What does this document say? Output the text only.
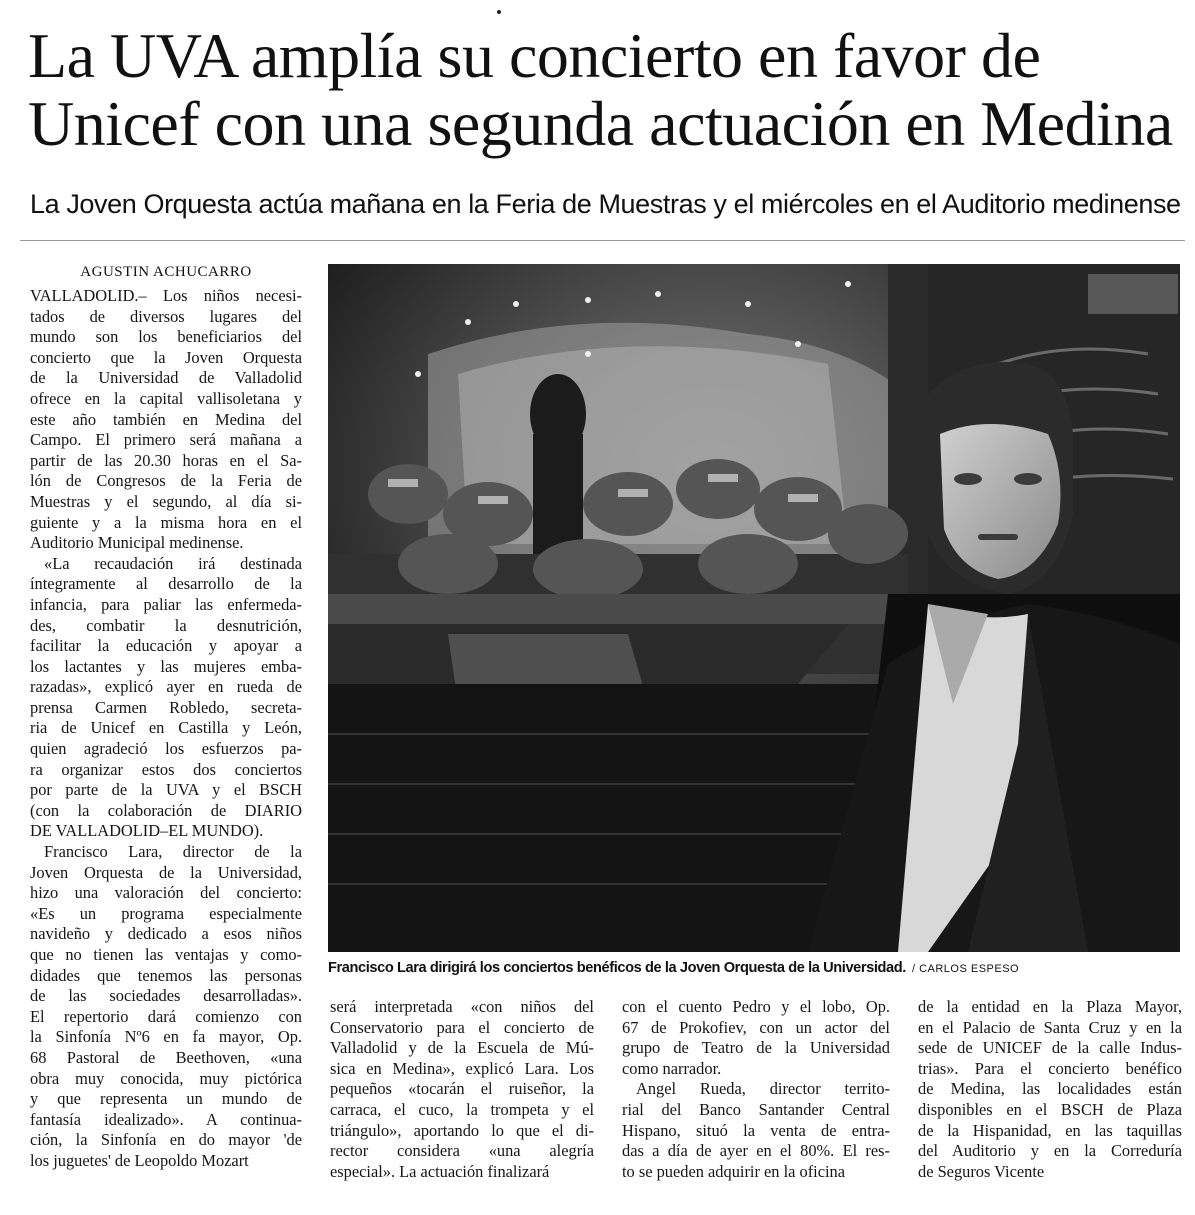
La UVA amplía su concierto en favor de
Unicef con una segunda actuación en Medina
La Joven Orquesta actúa mañana en la Feria de Muestras y el miércoles en el Auditorio medinense
AGUSTIN ACHUCARRO
VALLADOLID.– Los niños necesi-
tados de diversos lugares del
mundo son los beneficiarios del
concierto que la Joven Orquesta
de la Universidad de Valladolid
ofrece en la capital vallisoletana y
este año también en Medina del
Campo. El primero será mañana a
partir de las 20.30 horas en el Sa-
lón de Congresos de la Feria de
Muestras y el segundo, al día si-
guiente y a la misma hora en el
Auditorio Municipal medinense.
«La recaudación irá destinada
íntegramente al desarrollo de la
infancia, para paliar las enfermeda-
des, combatir la desnutrición,
facilitar la educación y apoyar a
los lactantes y las mujeres emba-
razadas», explicó ayer en rueda de
prensa Carmen Robledo, secreta-
ria de Unicef en Castilla y León,
quien agradeció los esfuerzos pa-
ra organizar estos dos conciertos
por parte de la UVA y el BSCH
(con la colaboración de DIARIO
DE VALLADOLID–EL MUNDO).
Francisco Lara, director de la
Joven Orquesta de la Universidad,
hizo una valoración del concierto:
«Es un programa especialmente
navideño y dedicado a esos niños
que no tienen las ventajas y como-
didades que tenemos las personas
de las sociedades desarrolladas».
El repertorio dará comienzo con
la Sinfonía Nº6 en fa mayor, Op.
68 Pastoral de Beethoven, «una
obra muy conocida, muy pictórica
y que representa un mundo de
fantasía idealizado». A continua-
ción, la Sinfonía en do mayor 'de
los juguetes' de Leopoldo Mozart
Francisco Lara dirigirá los conciertos benéficos de la Joven Orquesta de la Universidad. / CARLOS ESPESO
será interpretada «con niños del
Conservatorio para el concierto de
Valladolid y de la Escuela de Mú-
sica en Medina», explicó Lara. Los
pequeños «tocarán el ruiseñor, la
carraca, el cuco, la trompeta y el
triángulo», aportando lo que el di-
rector considera «una alegría
especial». La actuación finalizará
con el cuento Pedro y el lobo, Op.
67 de Prokofiev, con un actor del
grupo de Teatro de la Universidad
como narrador.
Angel Rueda, director territo-
rial del Banco Santander Central
Hispano, situó la venta de entra-
das a día de ayer en el 80%. El res-
to se pueden adquirir en la oficina
de la entidad en la Plaza Mayor,
en el Palacio de Santa Cruz y en la
sede de UNICEF de la calle Indus-
trias». Para el concierto benéfico
de Medina, las localidades están
disponibles en el BSCH de Plaza
de la Hispanidad, en las taquillas
del Auditorio y en la Correduría
de Seguros Vicente
